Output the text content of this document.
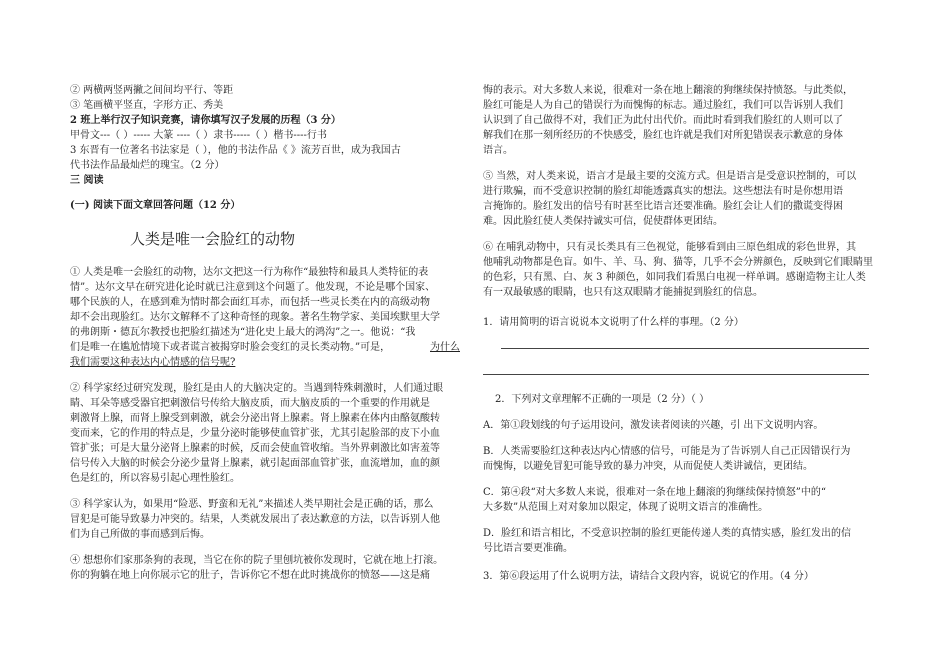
② 两横两竖两撇之间间均平行、等距
③ 笔画横平竖直，字形方正、秀美
2 班上举行汉子知识竞赛，请你填写汉子发展的历程（3 分）
甲骨文---（ ）----- 大篆 ----（ ）隶书-----（ ）楷书----行书
3 东晋有一位著名书法家是（ ），他的书法作品《 》流芳百世，成为我国古
代书法作品最灿烂的瑰宝。（2 分）
三 阅读
(一) 阅读下面文章回答问题（12 分）
人类是唯一会脸红的动物
① 人类是唯一会脸红的动物，达尔文把这一行为称作“最独特和最具人类特征的表
情”。达尔文早在研究进化论时就已注意到这个问题了。他发现，不论是哪个国家、
哪个民族的人，在感到难为情时都会面红耳赤，而包括一些灵长类在内的高级动物
却不会出现脸红。达尔文解释不了这种奇怪的现象。著名生物学家、美国埃默里大学
的弗朗斯・德瓦尔教授也把脸红描述为“进化史上最大的鸿沟”之一。他说：“我
们是唯一在尴尬情境下或者谎言被揭穿时脸会变红的灵长类动物。”可是，	为什么
我们需要这种表达内心情感的信号呢?
② 科学家经过研究发现，脸红是由人的大脑决定的。当遇到特殊刺激时，人们通过眼
睛、耳朵等感受器官把刺激信号传给大脑皮质，而大脑皮质的一个重要的作用就是
刺激肾上腺，而肾上腺受到刺激，就会分泌出肾上腺素。肾上腺素在体内由酪氨酸转
变而来，它的作用的特点是，少量分泌时能够使血管扩张，尤其引起脸部的皮下小血
管扩张；可是大量分泌肾上腺素的时候，反而会使血管收缩。当外界刺激比如害羞等
信号传入大脑的时候会分泌少量肾上腺素，就引起面部血管扩张，血流增加，血的颜
色是红的，所以容易引起心理性脸红。
③ 科学家认为，如果用“险恶、野蛮和无礼”来描述人类早期社会是正确的话，那么
冒犯是可能导致暴力冲突的。结果，人类就发展出了表达歉意的方法，以告诉别人他
们为自己所做的事而感到后悔。
④ 想想你们家那条狗的表现，当它在你的院子里刨坑被你发现时，它就在地上打滚。
你的狗躺在地上向你展示它的肚子，告诉你它不想在此时挑战你的愤怒——这是痛
悔的表示。对大多数人来说，很难对一条在地上翻滚的狗继续保持愤怒。与此类似，
脸红可能是人为自己的错误行为而愧悔的标志。通过脸红，我们可以告诉别人我们
认识到了自己做得不对，我们正为此付出代价。而此时看到我们脸红的人则可以了
解我们在那一刻所经历的不快感受，脸红也许就是我们对所犯错误表示歉意的身体
语言。
⑤ 当然，对人类来说，语言才是最主要的交流方式。但是语言是受意识控制的，可以
进行欺骗，而不受意识控制的脸红却能透露真实的想法。这些想法有时是你想用语
言掩饰的。脸红发出的信号有时甚至比语言还要准确。脸红会让人们的撒谎变得困
难。因此脸红使人类保持诚实可信，促使群体更团结。
⑥ 在哺乳动物中，只有灵长类具有三色视觉，能够看到由三原色组成的彩色世界，其
他哺乳动物都是色盲。如牛、羊、马、狗、猫等，几乎不会分辨颜色，反映到它们眼睛里
的色彩，只有黑、白、灰 3 种颜色，如同我们看黑白电视一样单调。感谢造物主让人类
有一双最敏感的眼睛，也只有这双眼睛才能捕捉到脸红的信息。
1．请用简明的语言说说本文说明了什么样的事理。（2 分）
2．下列对文章理解不正确的一项是（2 分）（ ）
A．第①段划线的句子运用设问，激发读者阅读的兴趣，引 出下文说明内容。
B．人类需要脸红这种表达内心情感的信号，可能是为了告诉别人自己正因错误行为
而愧悔，以避免冒犯可能导致的暴力冲突，从而促使人类讲诚信，更团结。
C．第④段“对大多数人来说，很难对一条在地上翻滚的狗继续保持愤怒”中的“
大多数”从范围上对对象加以限定，体现了说明文语言的准确性。
D．脸红和语言相比，不受意识控制的脸红更能传递人类的真情实感，脸红发出的信
号比语言要更准确。
3．第⑥段运用了什么说明方法，请结合文段内容，说说它的作用。（4 分）
